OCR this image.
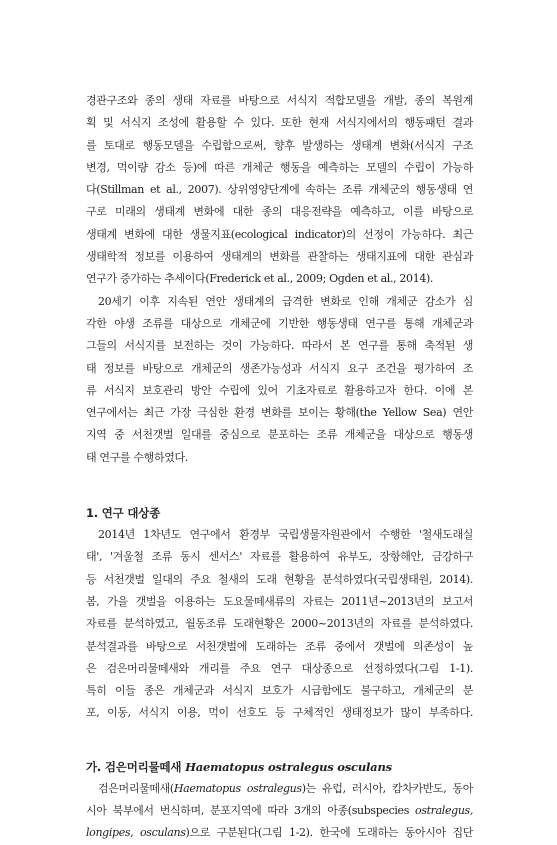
경관구조와 종의 생태 자료를 바탕으로 서식지 적합모델을 개발, 종의 복원계

획 및 서식지 조성에 활용할 수 있다. 또한 현재 서식지에서의 행동패턴 결과

를 토대로 행동모델을 수립함으로써, 향후 발생하는 생태계 변화(서식지 구조

변경, 먹이량 감소 등)에 따른 개체군 행동을 예측하는 모델의 수립이 가능하

다(Stillman et al., 2007). 상위영양단계에 속하는 조류 개체군의 행동생태 연

구로 미래의 생태계 변화에 대한 종의 대응전략을 예측하고, 이를 바탕으로

생태계 변화에 대한 생물지표(ecological indicator)의 선정이 가능하다. 최근

생태학적 정보를 이용하여 생태계의 변화를 관찰하는 생태지표에 대한 관심과

연구가 증가하는 추세이다(Frederick et al., 2009; Ogden et al., 2014).

20세기 이후 지속된 연안 생태계의 급격한 변화로 인해 개체군 감소가 심

각한 야생 조류를 대상으로 개체군에 기반한 행동생태 연구를 통해 개체군과

그들의 서식지를 보전하는 것이 가능하다. 따라서 본 연구를 통해 축적된 생

태 정보를 바탕으로 개체군의 생존가능성과 서식지 요구 조건을 평가하여 조

류 서식지 보호관리 방안 수립에 있어 기초자료로 활용하고자 한다. 이에 본

연구에서는 최근 가장 극심한 환경 변화를 보이는 황해(the Yellow Sea) 연안

지역 중 서천갯벌 일대를 중심으로 분포하는 조류 개체군을 대상으로 행동생

태 연구를 수행하였다.

1. 연구 대상종

2014년 1차년도 연구에서 환경부 국립생물자원관에서 수행한 '철새도래실

태', '겨울철 조류 동시 센서스' 자료를 활용하여 유부도, 장항해안, 금강하구

등 서천갯벌 일대의 주요 철새의 도래 현황을 분석하였다(국립생태원, 2014).

봄, 가을 갯벌을 이용하는 도요물떼새류의 자료는 2011년~2013년의 보고서

자료를 분석하였고, 월동조류 도래현황은 2000~2013년의 자료를 분석하였다.

분석결과를 바탕으로 서천갯벌에 도래하는 조류 중에서 갯벌에 의존성이 높

은 검은머리물떼새와 개리를 주요 연구 대상종으로 선정하였다(그림 1-1).

특히 이들 종은 개체군과 서식지 보호가 시급함에도 불구하고, 개체군의 분

포, 이동, 서식지 이용, 먹이 선호도 등 구체적인 생태정보가 많이 부족하다.

가. 검은머리물떼새 Haematopus ostralegus osculans

검은머리물떼새(Haematopus ostralegus)는 유럽, 러시아, 캄차카반도, 동아

시아 북부에서 번식하며, 분포지역에 따라 3개의 아종(subspecies ostralegus,

longipes, osculans)으로 구분된다(그림 1-2). 한국에 도래하는 동아시아 집단
